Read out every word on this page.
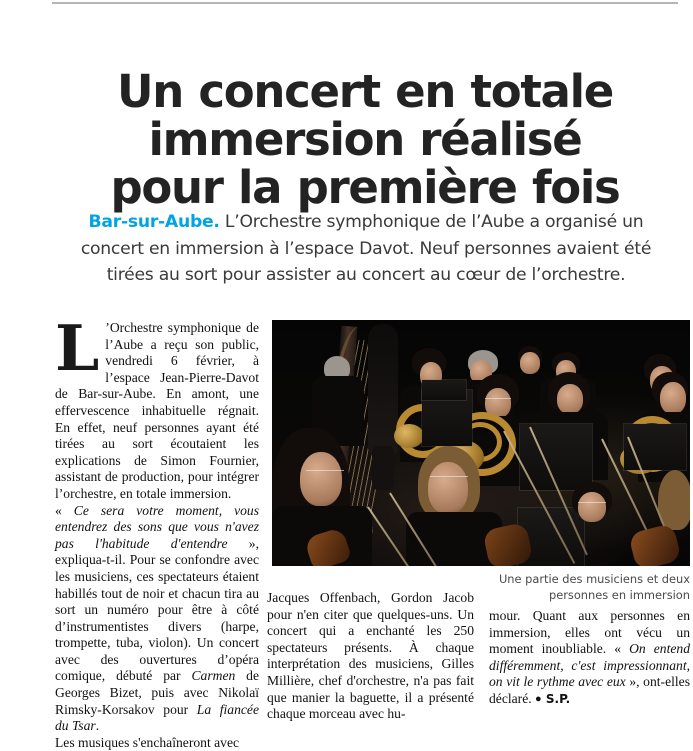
Un concert en totale
immersion réalisé
pour la première fois
Bar-sur-Aube. L’Orchestre symphonique de l’Aube a organisé un concert en immersion à l’espace Davot. Neuf personnes avaient été tirées au sort pour assister au concert au cœur de l’orchestre.
Une partie des musiciens et deux personnes en immersion

L ’Orchestre symphonique de l’Aube a reçu son public, vendredi 6 février, à l’espace Jean-Pierre-Davot de Bar-sur-Aube. En amont, une effervescence inhabituelle régnait. En effet, neuf personnes ayant été tirées au sort écoutaient les explications de Simon Fournier, assistant de production, pour intégrer l’orchestre, en totale immersion.

« Ce sera votre moment, vous entendrez des sons que vous n'avez pas l'habitude d'entendre », expliqua-t-il. Pour se confondre avec les musiciens, ces spectateurs étaient habillés tout de noir et chacun tira au sort un numéro pour être à côté d’instrumentistes divers (harpe, trompette, tuba, violon). Un concert avec des ouvertures d’opéra comique, débuté par Carmen de Georges Bizet, puis avec Nikolaï Rimsky-Korsakov pour La fiancée du Tsar.

Les musiques s'enchaîneront avec

Jacques Offenbach, Gordon Jacob pour n'en citer que quelques-uns. Un concert qui a enchanté les 250 spectateurs présents. À chaque interprétation des musiciens, Gilles Millière, chef d'orchestre, n'a pas fait que manier la baguette, il a présenté chaque morceau avec hu-

mour. Quant aux personnes en immersion, elles ont vécu un moment inoubliable. « On entend différemment, c'est impressionnant, on vit le rythme avec eux », ont-elles déclaré. ● S.P.
